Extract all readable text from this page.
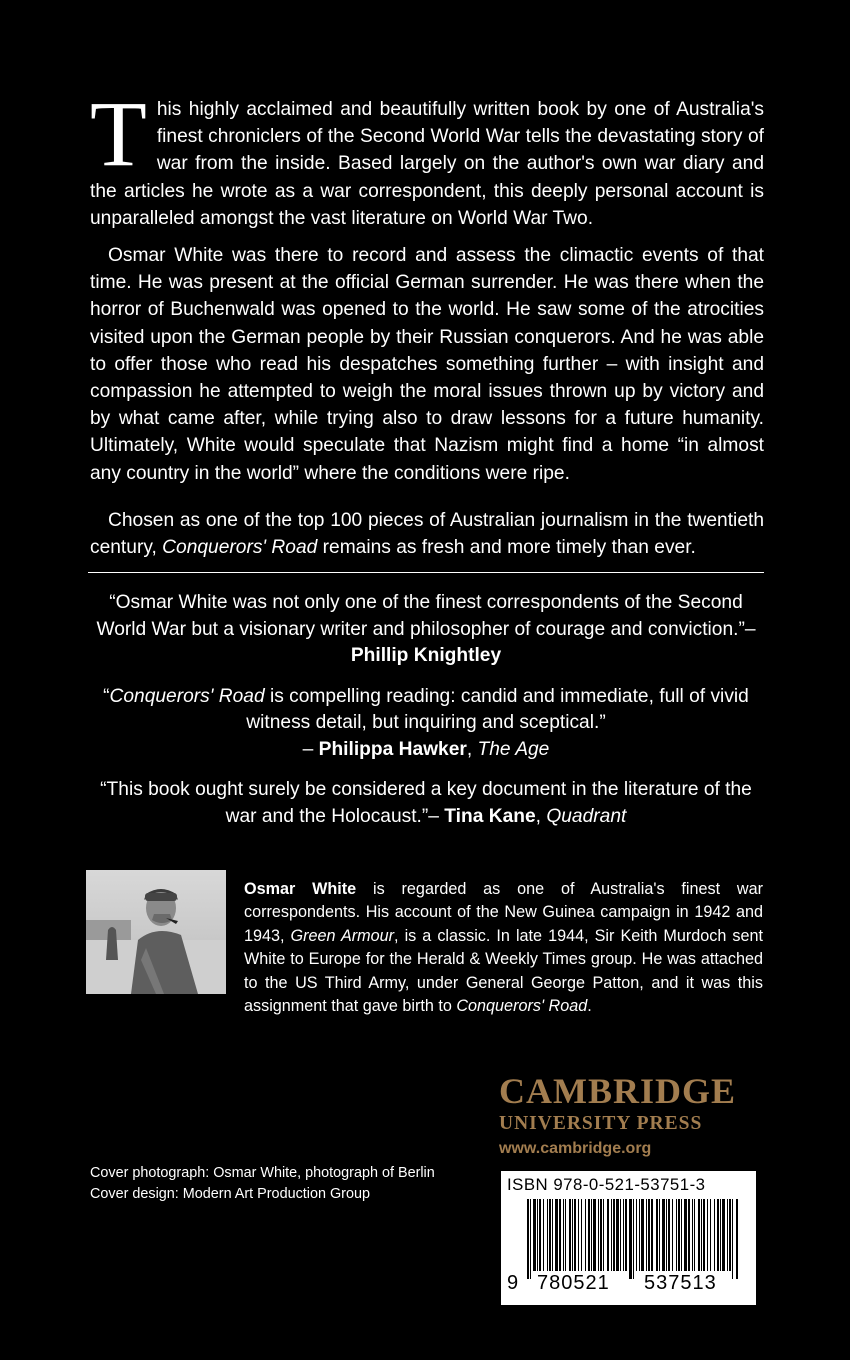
T his highly acclaimed and beautifully written book by one of Australia's finest chroniclers of the Second World War tells the devastating story of war from the inside. Based largely on the author's own war diary and the articles he wrote as a war correspondent, this deeply personal account is unparalleled amongst the vast literature on World War Two.
Osmar White was there to record and assess the climactic events of that time. He was present at the official German surrender. He was there when the horror of Buchenwald was opened to the world. He saw some of the atrocities visited upon the German people by their Russian conquerors. And he was able to offer those who read his despatches something further – with insight and compassion he attempted to weigh the moral issues thrown up by victory and by what came after, while trying also to draw lessons for a future humanity. Ultimately, White would speculate that Nazism might find a home “in almost any country in the world” where the conditions were ripe.
Chosen as one of the top 100 pieces of Australian journalism in the twentieth century, Conquerors' Road remains as fresh and more timely than ever.

“Osmar White was not only one of the finest correspondents of the Second World War but a visionary writer and philosopher of courage and conviction.”– Phillip Knightley

“Conquerors' Road is compelling reading: candid and immediate, full of vivid witness detail, but inquiring and sceptical.”
– Philippa Hawker, The Age

“This book ought surely be considered a key document in the literature of the war and the Holocaust.”– Tina Kane, Quadrant

Osmar White is regarded as one of Australia's finest war correspondents. His account of the New Guinea campaign in 1942 and 1943, Green Armour, is a classic. In late 1944, Sir Keith Murdoch sent White to Europe for the Herald & Weekly Times group. He was attached to the US Third Army, under General George Patton, and it was this assignment that gave birth to Conquerors' Road.
CAMBRIDGE
UNIVERSITY PRESS
www.cambridge.org
Cover photograph: Osmar White, photograph of Berlin
Cover design: Modern Art Production Group	ISBN 978-0-521-53751-3
9 780521 537513
